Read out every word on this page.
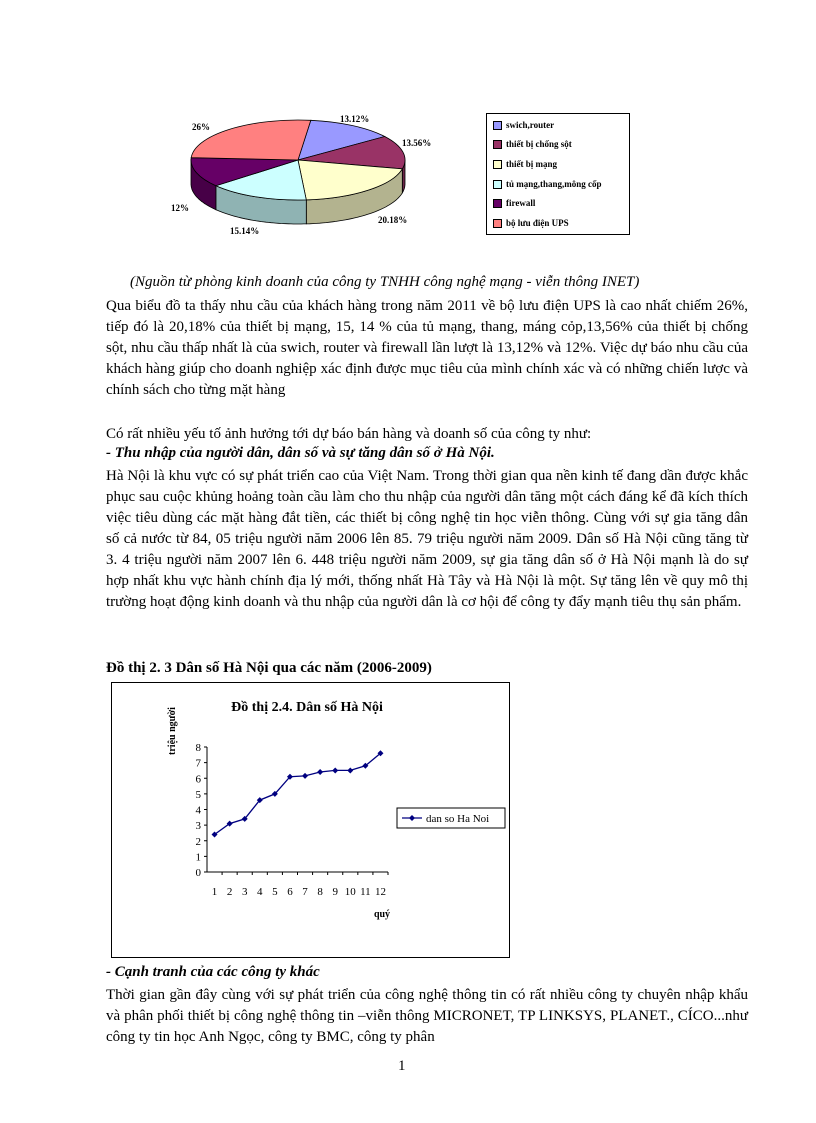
13.12%
13.56%
20.18%
15.14%
12%
26%	swich,router
thiết bị chống sột
thiết bị mạng
tủ mạng,thang,mông cốp
firewall
bộ lưu điện UPS
(Nguồn từ phòng kinh doanh của công ty TNHH công nghệ mạng - viễn thông INET)
Qua biểu đồ ta thấy nhu cầu của khách hàng trong năm 2011 về bộ lưu điện UPS là cao nhất chiếm 26%, tiếp đó là 20,18% của thiết bị mạng, 15, 14 % của tủ mạng, thang, máng cỏp,13,56% của thiết bị chống sột, nhu cầu thấp nhất là của swich, router và firewall lần lượt là 13,12% và 12%. Việc dự báo nhu cầu của khách hàng giúp cho doanh nghiệp xác định được mục tiêu của mình chính xác và có những chiến lược và chính sách cho từng mặt hàng
Có rất nhiều yếu tố ảnh hưởng tới dự báo bán hàng và doanh số của công ty như:
- Thu nhập của người dân, dân số và sự tăng dân số ở Hà Nội.
Hà Nội là khu vực có sự phát triển cao của Việt Nam. Trong thời gian qua nền kinh tế đang dần được khắc phục sau cuộc khủng hoảng toàn cầu làm cho thu nhập của người dân tăng một cách đáng kể đã kích thích việc tiêu dùng các mặt hàng đắt tiền, các thiết bị công nghệ tin học viễn thông. Cùng với sự gia tăng dân số cả nước từ 84, 05 triệu người năm 2006 lên 85. 79 triệu người năm 2009. Dân số Hà Nội cũng tăng từ 3. 4 triệu người năm 2007 lên 6. 448 triệu người năm 2009, sự gia tăng dân số ở Hà Nội mạnh là do sự hợp nhất khu vực hành chính địa lý mới, thống nhất Hà Tây và Hà Nội là một. Sự tăng lên về quy mô thị trường hoạt động kinh doanh và thu nhập của người dân là cơ hội để công ty đẩy mạnh tiêu thụ sản phẩm.
Đồ thị 2. 3 Dân số Hà Nội qua các năm (2006-2009)
Đồ thị 2.4. Dân số Hà Nội
triệu người
quý
0
1
2
3
4
5
6
7
8
1 2 3 4 5 6 7 8 9 10 11 12
dan so Ha Noi
- Cạnh tranh của các công ty khác
Thời gian gần đây cùng với sự phát triển của công nghệ thông tin có rất nhiều công ty chuyên nhập khẩu và phân phối thiết bị công nghệ thông tin –viễn thông MICRONET, TP LINKSYS, PLANET., CÍCO...như công ty tin học Anh Ngọc, công ty BMC, công ty phân
1
